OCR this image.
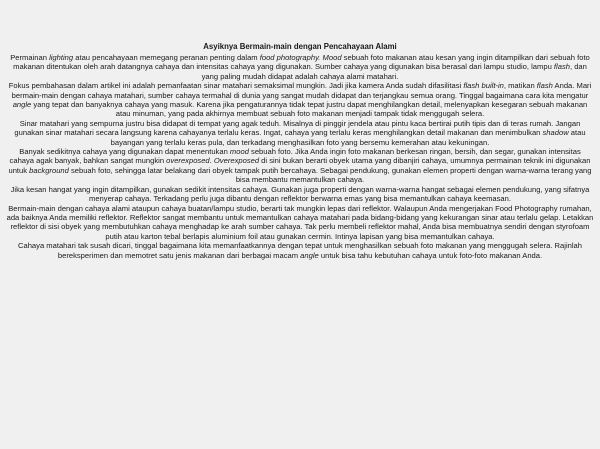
Asyiknya Bermain-main dengan Pencahayaan Alami

Permainan lighting atau pencahayaan memegang peranan penting dalam food photography. Mood sebuah foto makanan atau kesan yang ingin ditampilkan dari sebuah foto makanan ditentukan oleh arah datangnya cahaya dan intensitas cahaya yang digunakan. Sumber cahaya yang digunakan bisa berasal dari lampu studio, lampu flash, dan yang paling mudah didapat adalah cahaya alami matahari.

Fokus pembahasan dalam artikel ini adalah pemanfaatan sinar matahari semaksimal mungkin. Jadi jika kamera Anda sudah difasilitasi flash built-in, matikan flash Anda. Mari bermain-main dengan cahaya matahari, sumber cahaya termahal di dunia yang sangat mudah didapat dan terjangkau semua orang. Tinggal bagaimana cara kita mengatur angle yang tepat dan banyaknya cahaya yang masuk. Karena jika pengaturannya tidak tepat justru dapat menghilangkan detail, melenyapkan kesegaran sebuah makanan atau minuman, yang pada akhirnya membuat sebuah foto makanan menjadi tampak tidak menggugah selera.

Sinar matahari yang sempurna justru bisa didapat di tempat yang agak teduh. Misalnya di pinggir jendela atau pintu kaca bertirai putih tipis dan di teras rumah. Jangan gunakan sinar matahari secara langsung karena cahayanya terlalu keras. Ingat, cahaya yang terlalu keras menghilangkan detail makanan dan menimbulkan shadow atau bayangan yang terlalu keras pula, dan terkadang menghasilkan foto yang bersemu kemerahan atau kekuningan.

Banyak sedikitnya cahaya yang digunakan dapat menentukan mood sebuah foto. Jika Anda ingin foto makanan berkesan ringan, bersih, dan segar, gunakan intensitas cahaya agak banyak, bahkan sangat mungkin overexposed. Overexposed di sini bukan berarti obyek utama yang dibanjiri cahaya, umumnya permainan teknik ini digunakan untuk background sebuah foto, sehingga latar belakang dari obyek tampak putih bercahaya. Sebagai pendukung, gunakan elemen properti dengan warna-warna terang yang bisa membantu memantulkan cahaya.

Jika kesan hangat yang ingin ditampilkan, gunakan sedikit intensitas cahaya. Gunakan juga properti dengan warna-warna hangat sebagai elemen pendukung, yang sifatnya menyerap cahaya. Terkadang perlu juga dibantu dengan reflektor berwarna emas yang bisa memantulkan cahaya keemasan.

Bermain-main dengan cahaya alami ataupun cahaya buatan/lampu studio, berarti tak mungkin lepas dari reflektor. Walaupun Anda mengerjakan Food Photography rumahan, ada baiknya Anda memiliki reflektor. Reflektor sangat membantu untuk memantulkan cahaya matahari pada bidang-bidang yang kekurangan sinar atau terlalu gelap. Letakkan reflektor di sisi obyek yang membutuhkan cahaya menghadap ke arah sumber cahaya. Tak perlu membeli reflektor mahal, Anda bisa membuatnya sendiri dengan styrofoam putih atau karton tebal berlapis aluminium foil atau gunakan cermin. Intinya lapisan yang bisa memantulkan cahaya.

Cahaya matahari tak susah dicari, tinggal bagaimana kita memanfaatkannya dengan tepat untuk menghasilkan sebuah foto makanan yang menggugah selera. Rajinlah bereksperimen dan memotret satu jenis makanan dari berbagai macam angle untuk bisa tahu kebutuhan cahaya untuk foto-foto makanan Anda.
